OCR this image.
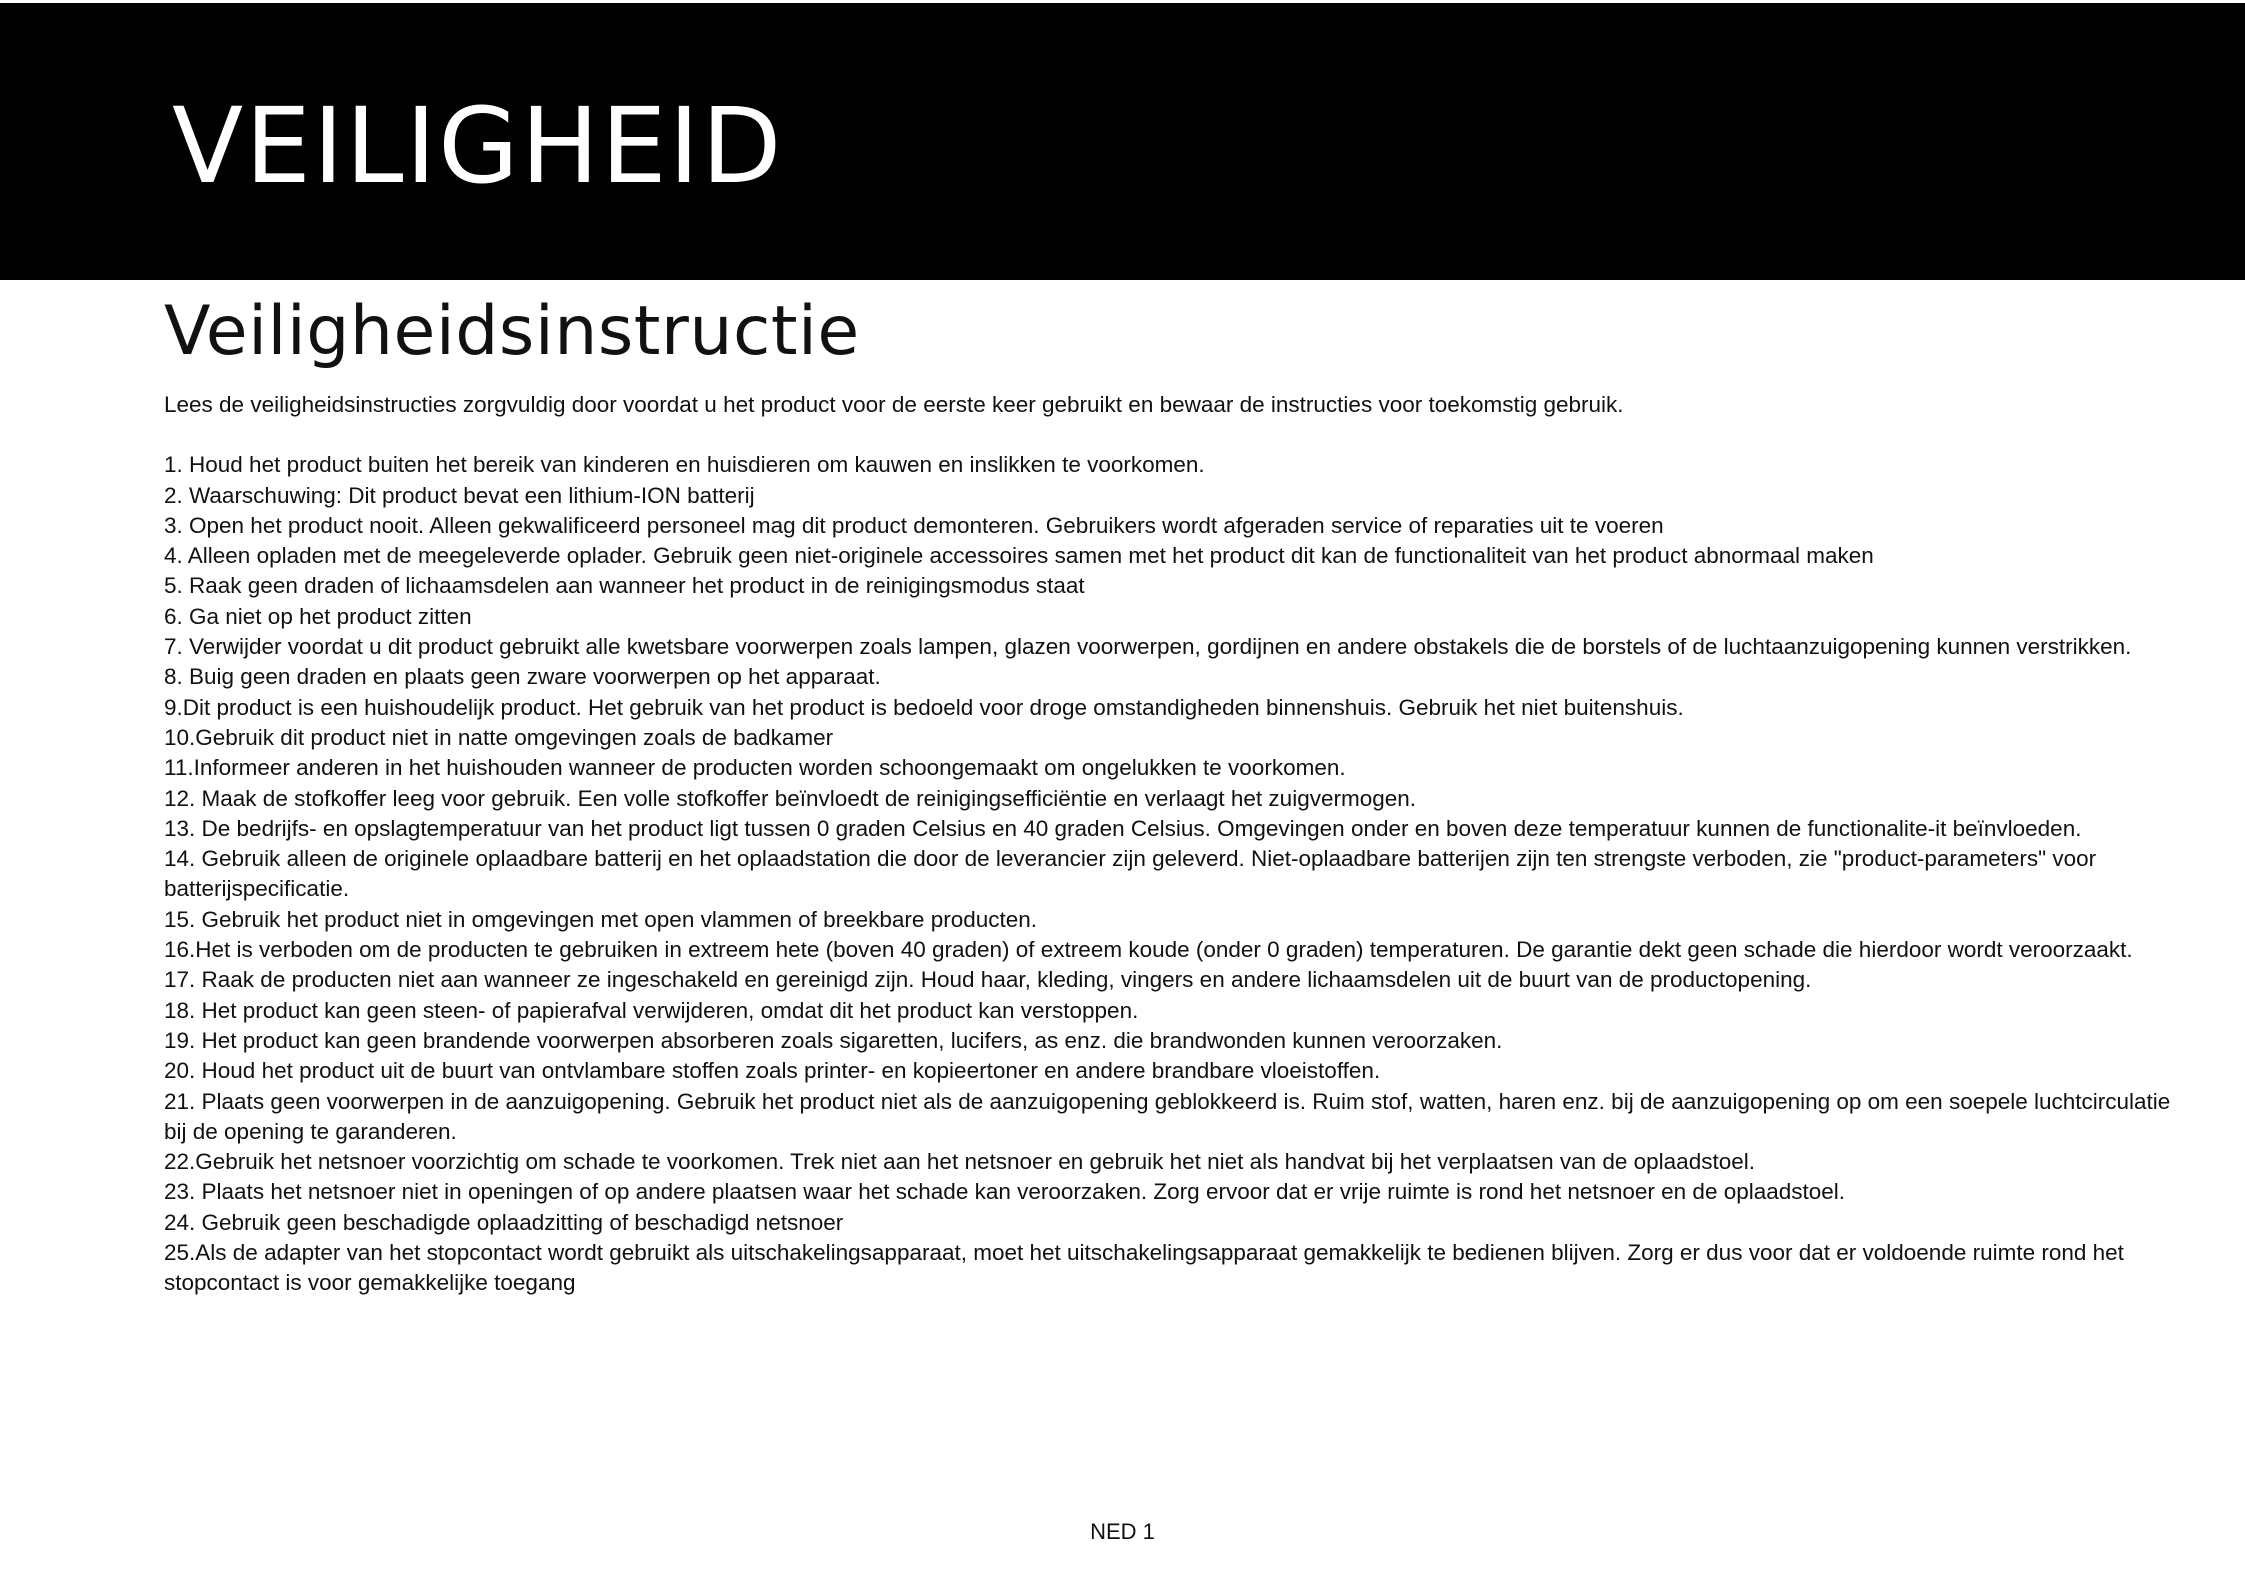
VEILIGHEID
Veiligheidsinstructie

Lees de veiligheidsinstructies zorgvuldig door voordat u het product voor de eerste keer gebruikt en bewaar de instructies voor toekomstig gebruik.

1. Houd het product buiten het bereik van kinderen en huisdieren om kauwen en inslikken te voorkomen.
2. Waarschuwing: Dit product bevat een lithium-ION batterij
3. Open het product nooit. Alleen gekwalificeerd personeel mag dit product demonteren. Gebruikers wordt afgeraden service of reparaties uit te voeren
4. Alleen opladen met de meegeleverde oplader. Gebruik geen niet-originele accessoires samen met het product dit kan de functionaliteit van het product abnormaal maken
5. Raak geen draden of lichaamsdelen aan wanneer het product in de reinigingsmodus staat
6. Ga niet op het product zitten
7. Verwijder voordat u dit product gebruikt alle kwetsbare voorwerpen zoals lampen, glazen voorwerpen, gordijnen en andere obstakels die de borstels of de luchtaanzuigopening kunnen verstrikken.
8. Buig geen draden en plaats geen zware voorwerpen op het apparaat.
9.Dit product is een huishoudelijk product. Het gebruik van het product is bedoeld voor droge omstandigheden binnenshuis. Gebruik het niet buitenshuis.
10.Gebruik dit product niet in natte omgevingen zoals de badkamer
11.Informeer anderen in het huishouden wanneer de producten worden schoongemaakt om ongelukken te voorkomen.
12. Maak de stofkoffer leeg voor gebruik. Een volle stofkoffer beïnvloedt de reinigingsefficiëntie en verlaagt het zuigvermogen.
13. De bedrijfs- en opslagtemperatuur van het product ligt tussen 0 graden Celsius en 40 graden Celsius. Omgevingen onder en boven deze temperatuur kunnen de functionalite-it beïnvloeden.
14. Gebruik alleen de originele oplaadbare batterij en het oplaadstation die door de leverancier zijn geleverd. Niet-oplaadbare batterijen zijn ten strengste verboden, zie "product-parameters" voor batterijspecificatie.
15. Gebruik het product niet in omgevingen met open vlammen of breekbare producten.
16.Het is verboden om de producten te gebruiken in extreem hete (boven 40 graden) of extreem koude (onder 0 graden) temperaturen. De garantie dekt geen schade die hierdoor wordt veroorzaakt.
17. Raak de producten niet aan wanneer ze ingeschakeld en gereinigd zijn. Houd haar, kleding, vingers en andere lichaamsdelen uit de buurt van de productopening.
18. Het product kan geen steen- of papierafval verwijderen, omdat dit het product kan verstoppen.
19. Het product kan geen brandende voorwerpen absorberen zoals sigaretten, lucifers, as enz. die brandwonden kunnen veroorzaken.
20. Houd het product uit de buurt van ontvlambare stoffen zoals printer- en kopieertoner en andere brandbare vloeistoffen.
21. Plaats geen voorwerpen in de aanzuigopening. Gebruik het product niet als de aanzuigopening geblokkeerd is. Ruim stof, watten, haren enz. bij de aanzuigopening op om een soepele luchtcirculatie bij de opening te garanderen.
22.Gebruik het netsnoer voorzichtig om schade te voorkomen. Trek niet aan het netsnoer en gebruik het niet als handvat bij het verplaatsen van de oplaadstoel.
23. Plaats het netsnoer niet in openingen of op andere plaatsen waar het schade kan veroorzaken. Zorg ervoor dat er vrije ruimte is rond het netsnoer en de oplaadstoel.
24. Gebruik geen beschadigde oplaadzitting of beschadigd netsnoer
25.Als de adapter van het stopcontact wordt gebruikt als uitschakelingsapparaat, moet het uitschakelingsapparaat gemakkelijk te bedienen blijven. Zorg er dus voor dat er voldoende ruimte rond het stopcontact is voor gemakkelijke toegang
NED 1
